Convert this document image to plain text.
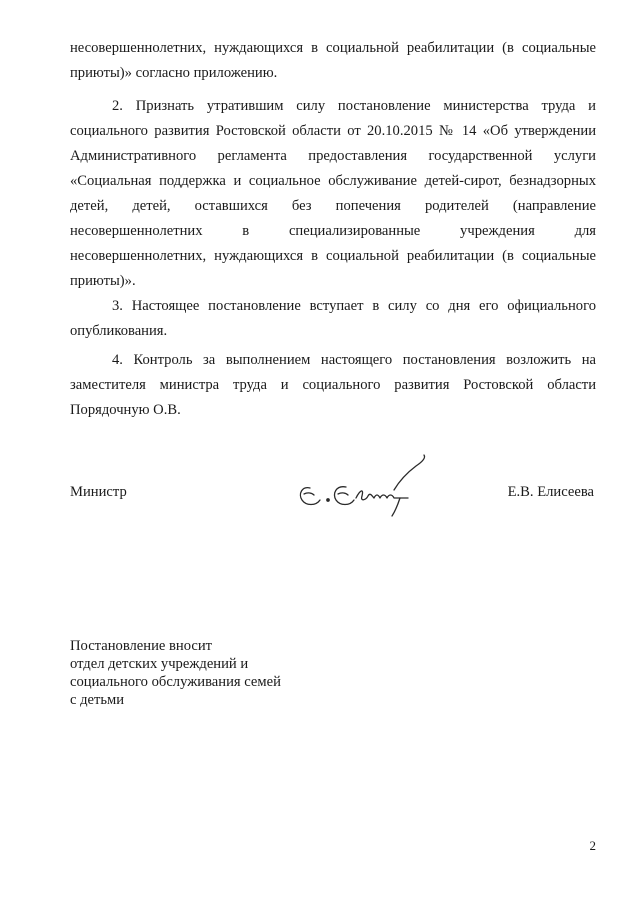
несовершеннолетних, нуждающихся в социальной реабилитации (в социальные
приюты)» согласно приложению.
2. Признать утратившим силу постановление министерства труда и
социального развития Ростовской области от 20.10.2015 № 14 «Об утверждении
Административного регламента предоставления государственной услуги
«Социальная поддержка и социальное обслуживание детей-сирот, безнадзорных
детей, детей, оставшихся без попечения родителей (направление
несовершеннолетних в специализированные учреждения для
несовершеннолетних, нуждающихся в социальной реабилитации (в социальные
приюты)».
3. Настоящее постановление вступает в силу со дня его официального
опубликования.
4. Контроль за выполнением настоящего постановления возложить на
заместителя министра труда и социального развития Ростовской области
Порядочную О.В.
Министр	Е.В. Елисеева
Постановление вносит
отдел детских учреждений и
социального обслуживания семей
с детьми
2
